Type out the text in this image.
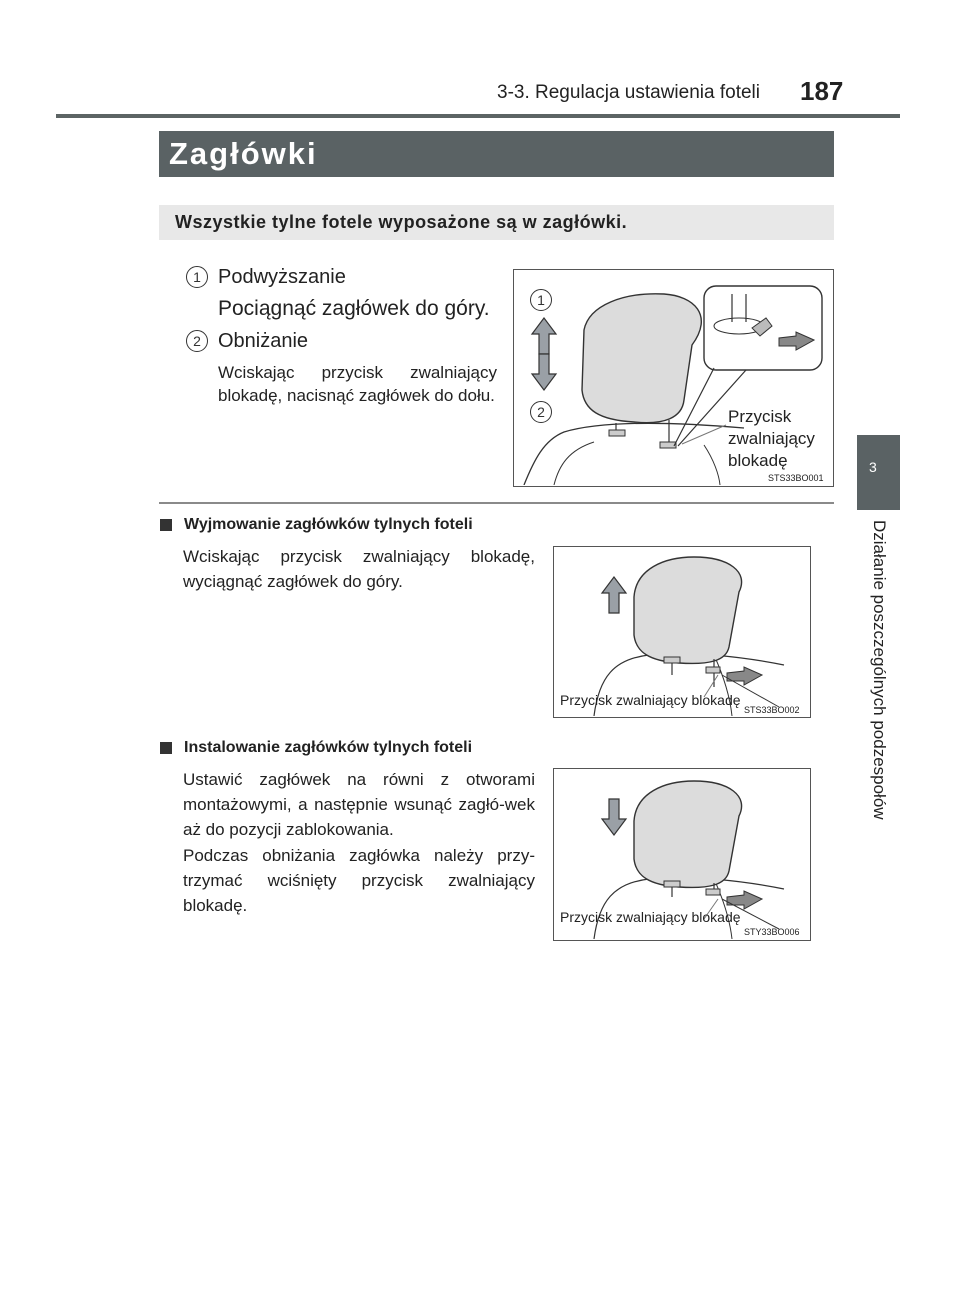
3-3. Regulacja ustawienia foteli 187
Zagłówki
Wszystkie tylne fotele wyposażone są w zagłówki.
3
Działanie poszczególnych podzespołów
1 Podwyższanie
Pociągnąć zagłówek do góry.
2 Obniżanie
Wciskając przycisk zwalniający blokadę, nacisnąć zagłówek do dołu.
1
2	Przycisk
zwalniający
blokadę
STS33BO001
Wyjmowanie zagłówków tylnych foteli
Wciskając przycisk zwalniający blokadę, wyciągnąć zagłówek do góry.
Przycisk zwalniający blokadę
STS33BO002
Instalowanie zagłówków tylnych foteli
Ustawić zagłówek na równi z otworami montażowymi, a następnie wsunąć zagłó-wek aż do pozycji zablokowania.
Podczas obniżania zagłówka należy przy-trzymać wciśnięty przycisk zwalniający blokadę.
Przycisk zwalniający blokadę
STY33BO006
